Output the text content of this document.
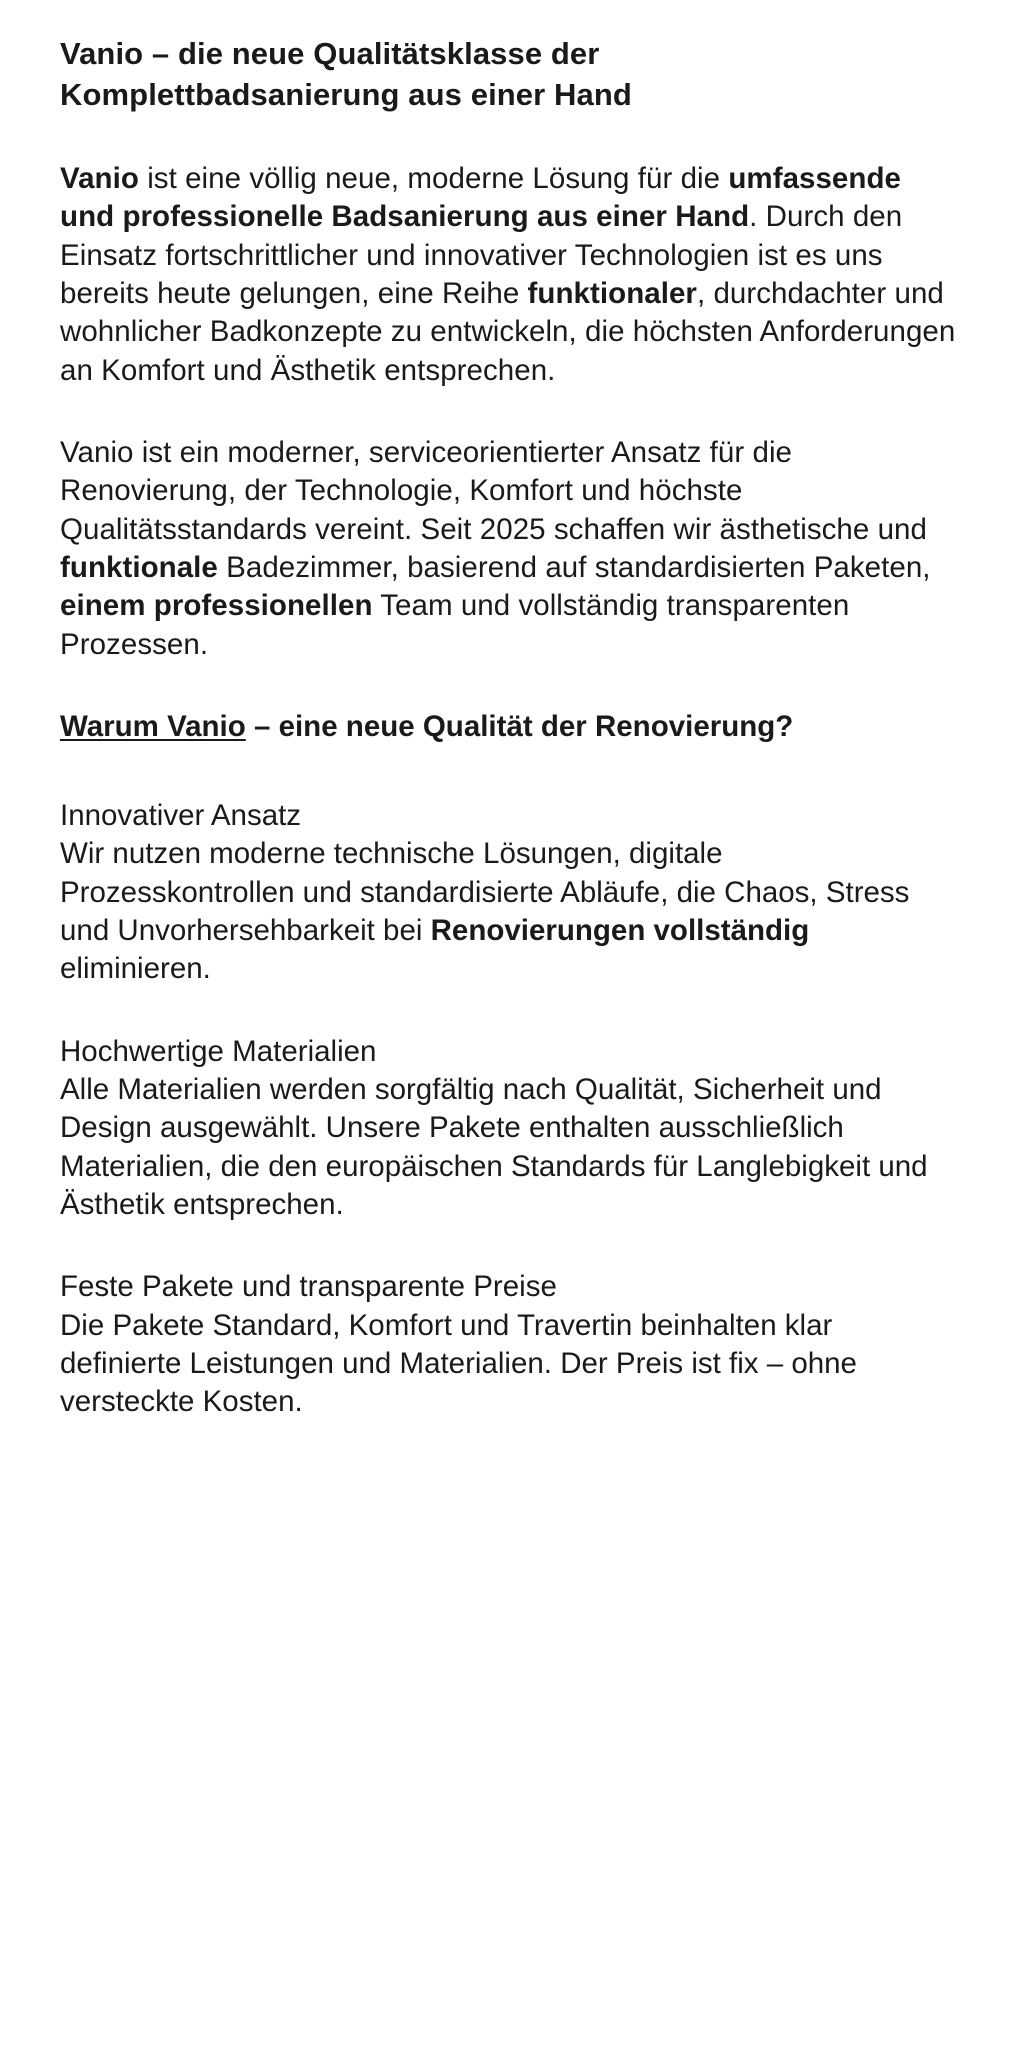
Vanio – die neue Qualitätsklasse der Komplettbadsanierung aus einer Hand

Vanio ist eine völlig neue, moderne Lösung für die umfassende und professionelle Badsanierung aus einer Hand. Durch den Einsatz fortschrittlicher und innovativer Technologien ist es uns bereits heute gelungen, eine Reihe funktionaler, durchdachter und wohnlicher Badkonzepte zu entwickeln, die höchsten Anforderungen an Komfort und Ästhetik entsprechen.

Vanio ist ein moderner, serviceorientierter Ansatz für die Renovierung, der Technologie, Komfort und höchste Qualitätsstandards vereint. Seit 2025 schaffen wir ästhetische und funktionale Badezimmer, basierend auf standardisierten Paketen, einem professionellen Team und vollständig transparenten Prozessen.

Warum Vanio – eine neue Qualität der Renovierung?

Innovativer Ansatz

Wir nutzen moderne technische Lösungen, digitale Prozesskontrollen und standardisierte Abläufe, die Chaos, Stress und Unvorhersehbarkeit bei Renovierungen vollständig eliminieren.

Hochwertige Materialien

Alle Materialien werden sorgfältig nach Qualität, Sicherheit und Design ausgewählt. Unsere Pakete enthalten ausschließlich Materialien, die den europäischen Standards für Langlebigkeit und Ästhetik entsprechen.

Feste Pakete und transparente Preise

Die Pakete Standard, Komfort und Travertin beinhalten klar definierte Leistungen und Materialien. Der Preis ist fix – ohne versteckte Kosten.
